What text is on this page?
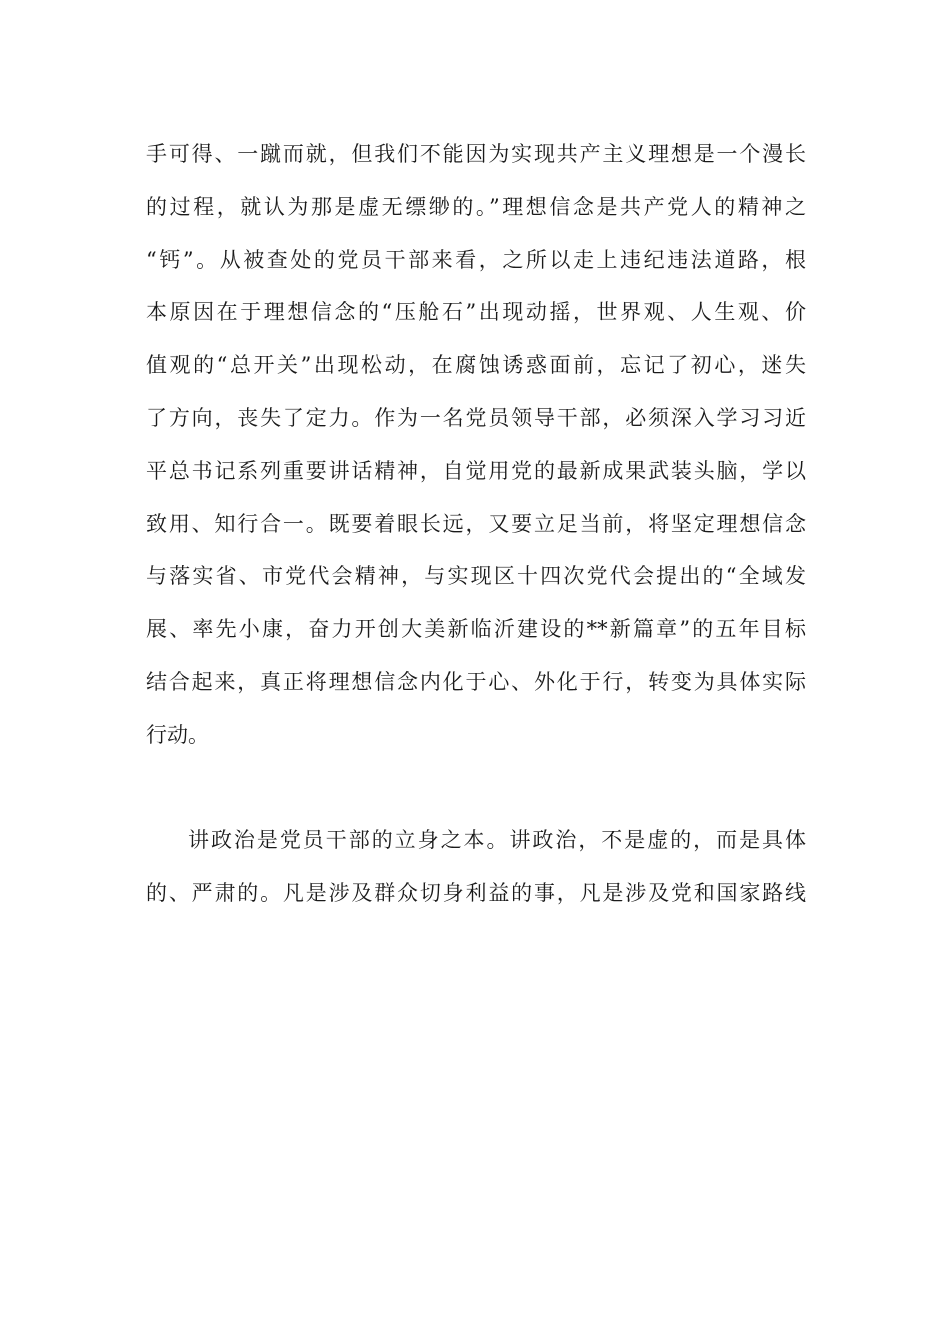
手可得、一蹴而就，但我们不能因为实现共产主义理想是一个漫长
的过程，就认为那是虚无缥缈的。”理想信念是共产党人的精神之
“钙”。从被查处的党员干部来看，之所以走上违纪违法道路，根
本原因在于理想信念的“压舱石”出现动摇，世界观、人生观、价
值观的“总开关”出现松动，在腐蚀诱惑面前，忘记了初心，迷失
了方向，丧失了定力。作为一名党员领导干部，必须深入学习习近
平总书记系列重要讲话精神，自觉用党的最新成果武装头脑，学以
致用、知行合一。既要着眼长远，又要立足当前，将坚定理想信念
与落实省、市党代会精神，与实现区十四次党代会提出的“全域发
展、率先小康，奋力开创大美新临沂建设的**新篇章”的五年目标
结合起来，真正将理想信念内化于心、外化于行，转变为具体实际
行动。
讲政治是党员干部的立身之本。讲政治，不是虚的，而是具体
的、严肃的。凡是涉及群众切身利益的事，凡是涉及党和国家路线
